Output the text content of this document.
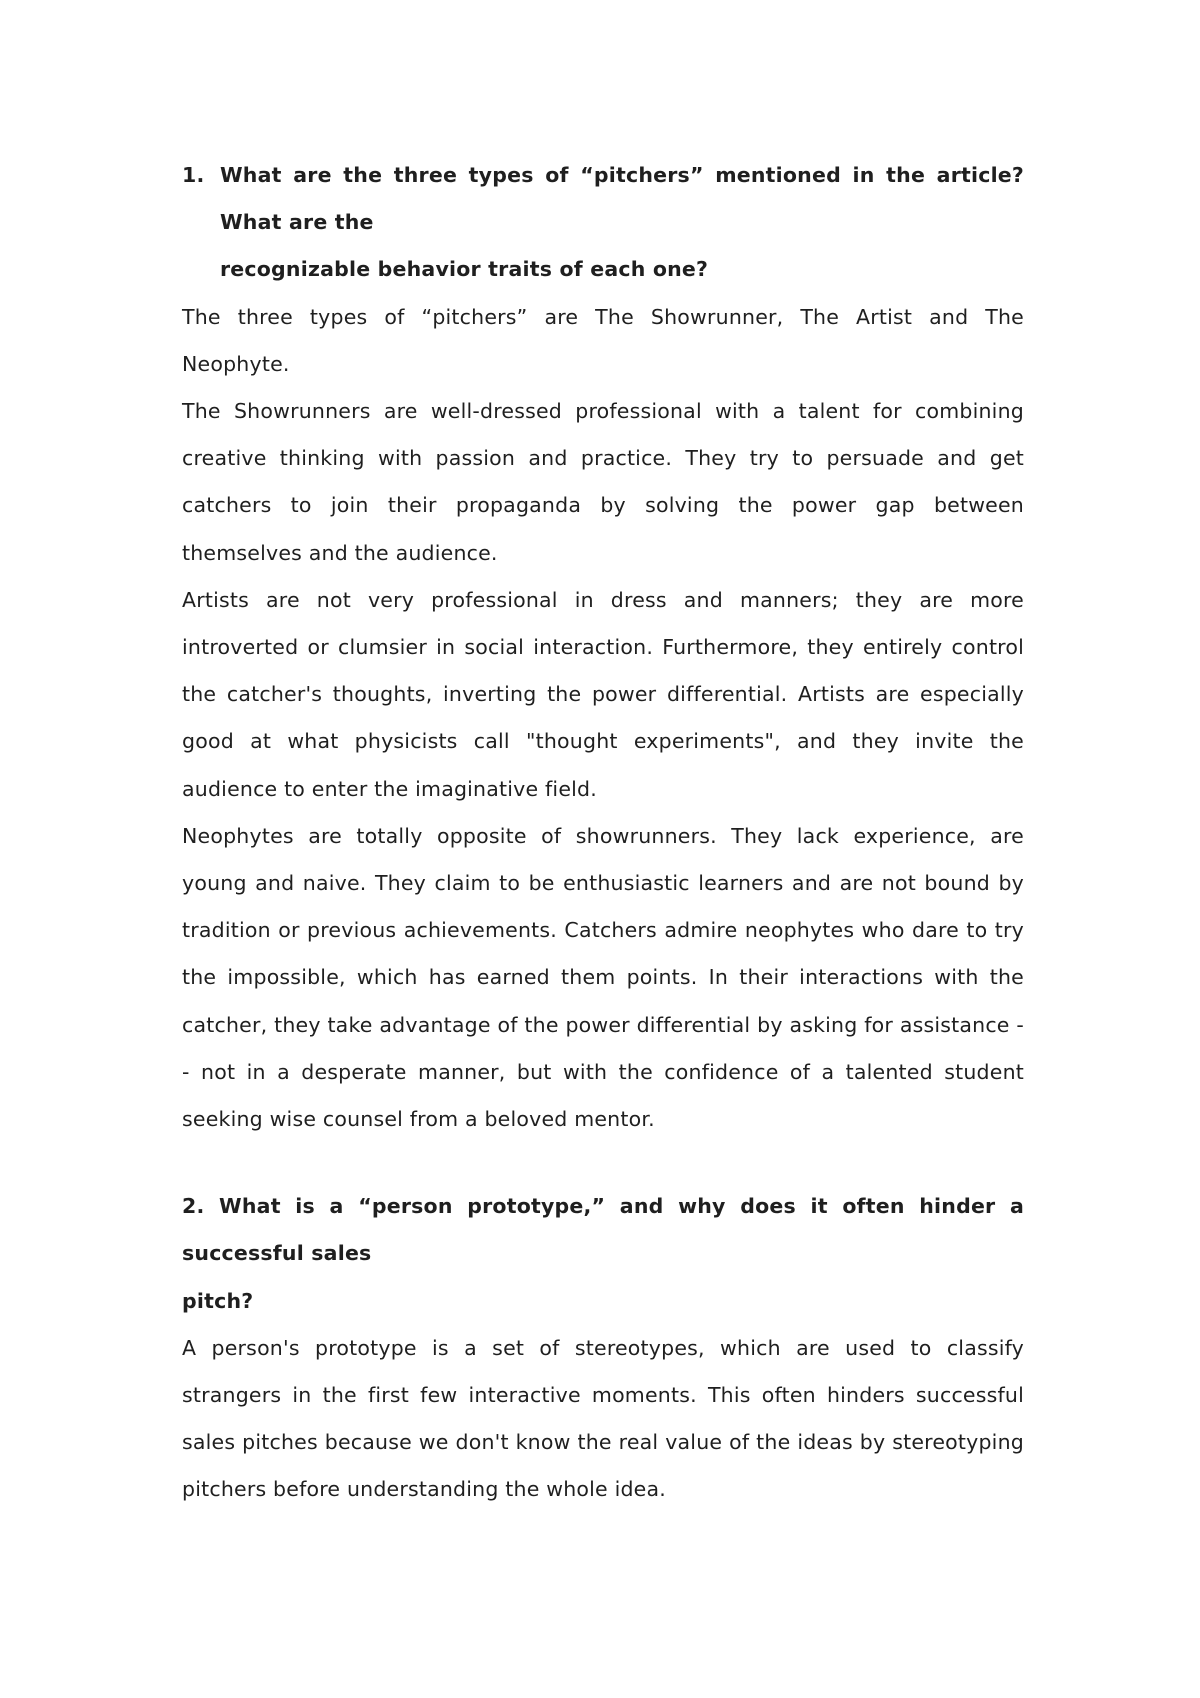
1. What are the three types of “pitchers” mentioned in the article? What are the

recognizable behavior traits of each one?

The three types of “pitchers” are The Showrunner, The Artist and The Neophyte.

The Showrunners are well-dressed professional with a talent for combining creative thinking with passion and practice. They try to persuade and get catchers to join their propaganda by solving the power gap between themselves and the audience.

Artists are not very professional in dress and manners; they are more introverted or clumsier in social interaction. Furthermore, they entirely control the catcher's thoughts, inverting the power differential. Artists are especially good at what physicists call "thought experiments", and they invite the audience to enter the imaginative field.

Neophytes are totally opposite of showrunners. They lack experience, are young and naive. They claim to be enthusiastic learners and are not bound by tradition or previous achievements. Catchers admire neophytes who dare to try the impossible, which has earned them points. In their interactions with the catcher, they take advantage of the power differential by asking for assistance - - not in a desperate manner, but with the confidence of a talented student seeking wise counsel from a beloved mentor.

2. What is a “person prototype,” and why does it often hinder a successful sales

pitch?

A person's prototype is a set of stereotypes, which are used to classify strangers in the first few interactive moments. This often hinders successful sales pitches because we don't know the real value of the ideas by stereotyping pitchers before understanding the whole idea.
